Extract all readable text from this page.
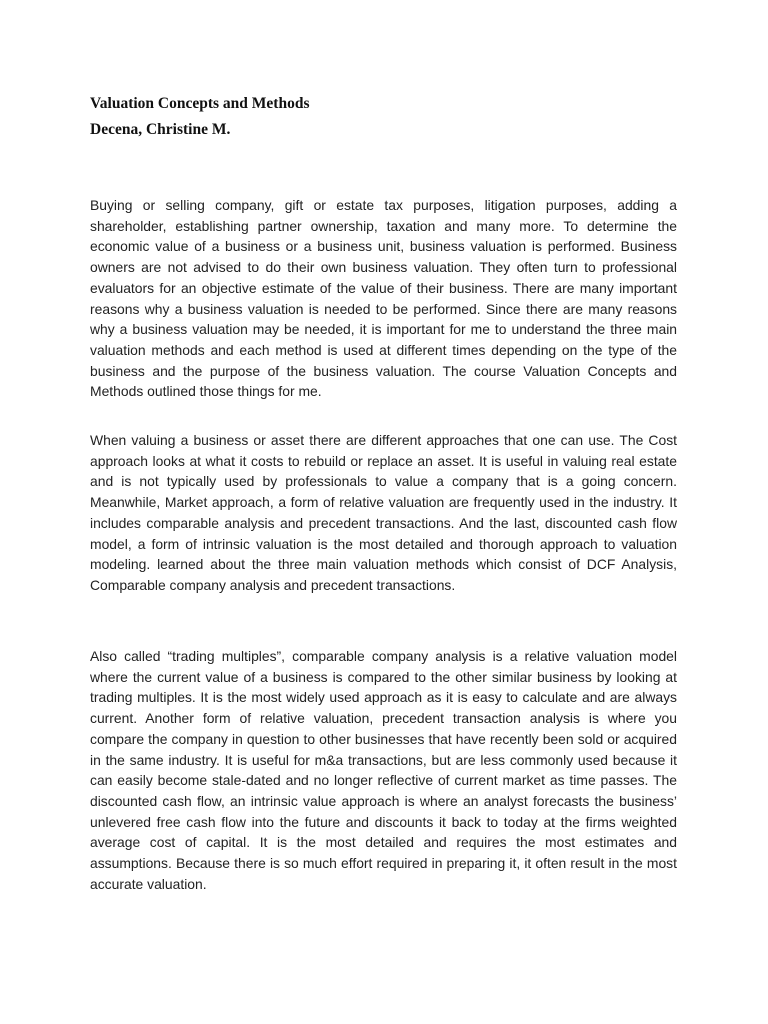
Valuation Concepts and Methods
Decena, Christine M.

Buying or selling company, gift or estate tax purposes, litigation purposes, adding a shareholder, establishing partner ownership, taxation and many more. To determine the economic value of a business or a business unit, business valuation is performed. Business owners are not advised to do their own business valuation. They often turn to professional evaluators for an objective estimate of the value of their business. There are many important reasons why a business valuation is needed to be performed. Since there are many reasons why a business valuation may be needed, it is important for me to understand the three main valuation methods and each method is used at different times depending on the type of the business and the purpose of the business valuation. The course Valuation Concepts and Methods outlined those things for me.

When valuing a business or asset there are different approaches that one can use. The Cost approach looks at what it costs to rebuild or replace an asset. It is useful in valuing real estate and is not typically used by professionals to value a company that is a going concern. Meanwhile, Market approach, a form of relative valuation are frequently used in the industry. It includes comparable analysis and precedent transactions. And the last, discounted cash flow model, a form of intrinsic valuation is the most detailed and thorough approach to valuation modeling. learned about the three main valuation methods which consist of DCF Analysis, Comparable company analysis and precedent transactions.

Also called “trading multiples”, comparable company analysis is a relative valuation model where the current value of a business is compared to the other similar business by looking at trading multiples. It is the most widely used approach as it is easy to calculate and are always current. Another form of relative valuation, precedent transaction analysis is where you compare the company in question to other businesses that have recently been sold or acquired in the same industry. It is useful for m&a transactions, but are less commonly used because it can easily become stale-dated and no longer reflective of current market as time passes. The discounted cash flow, an intrinsic value approach is where an analyst forecasts the business’ unlevered free cash flow into the future and discounts it back to today at the firms weighted average cost of capital. It is the most detailed and requires the most estimates and assumptions. Because there is so much effort required in preparing it, it often result in the most accurate valuation.
